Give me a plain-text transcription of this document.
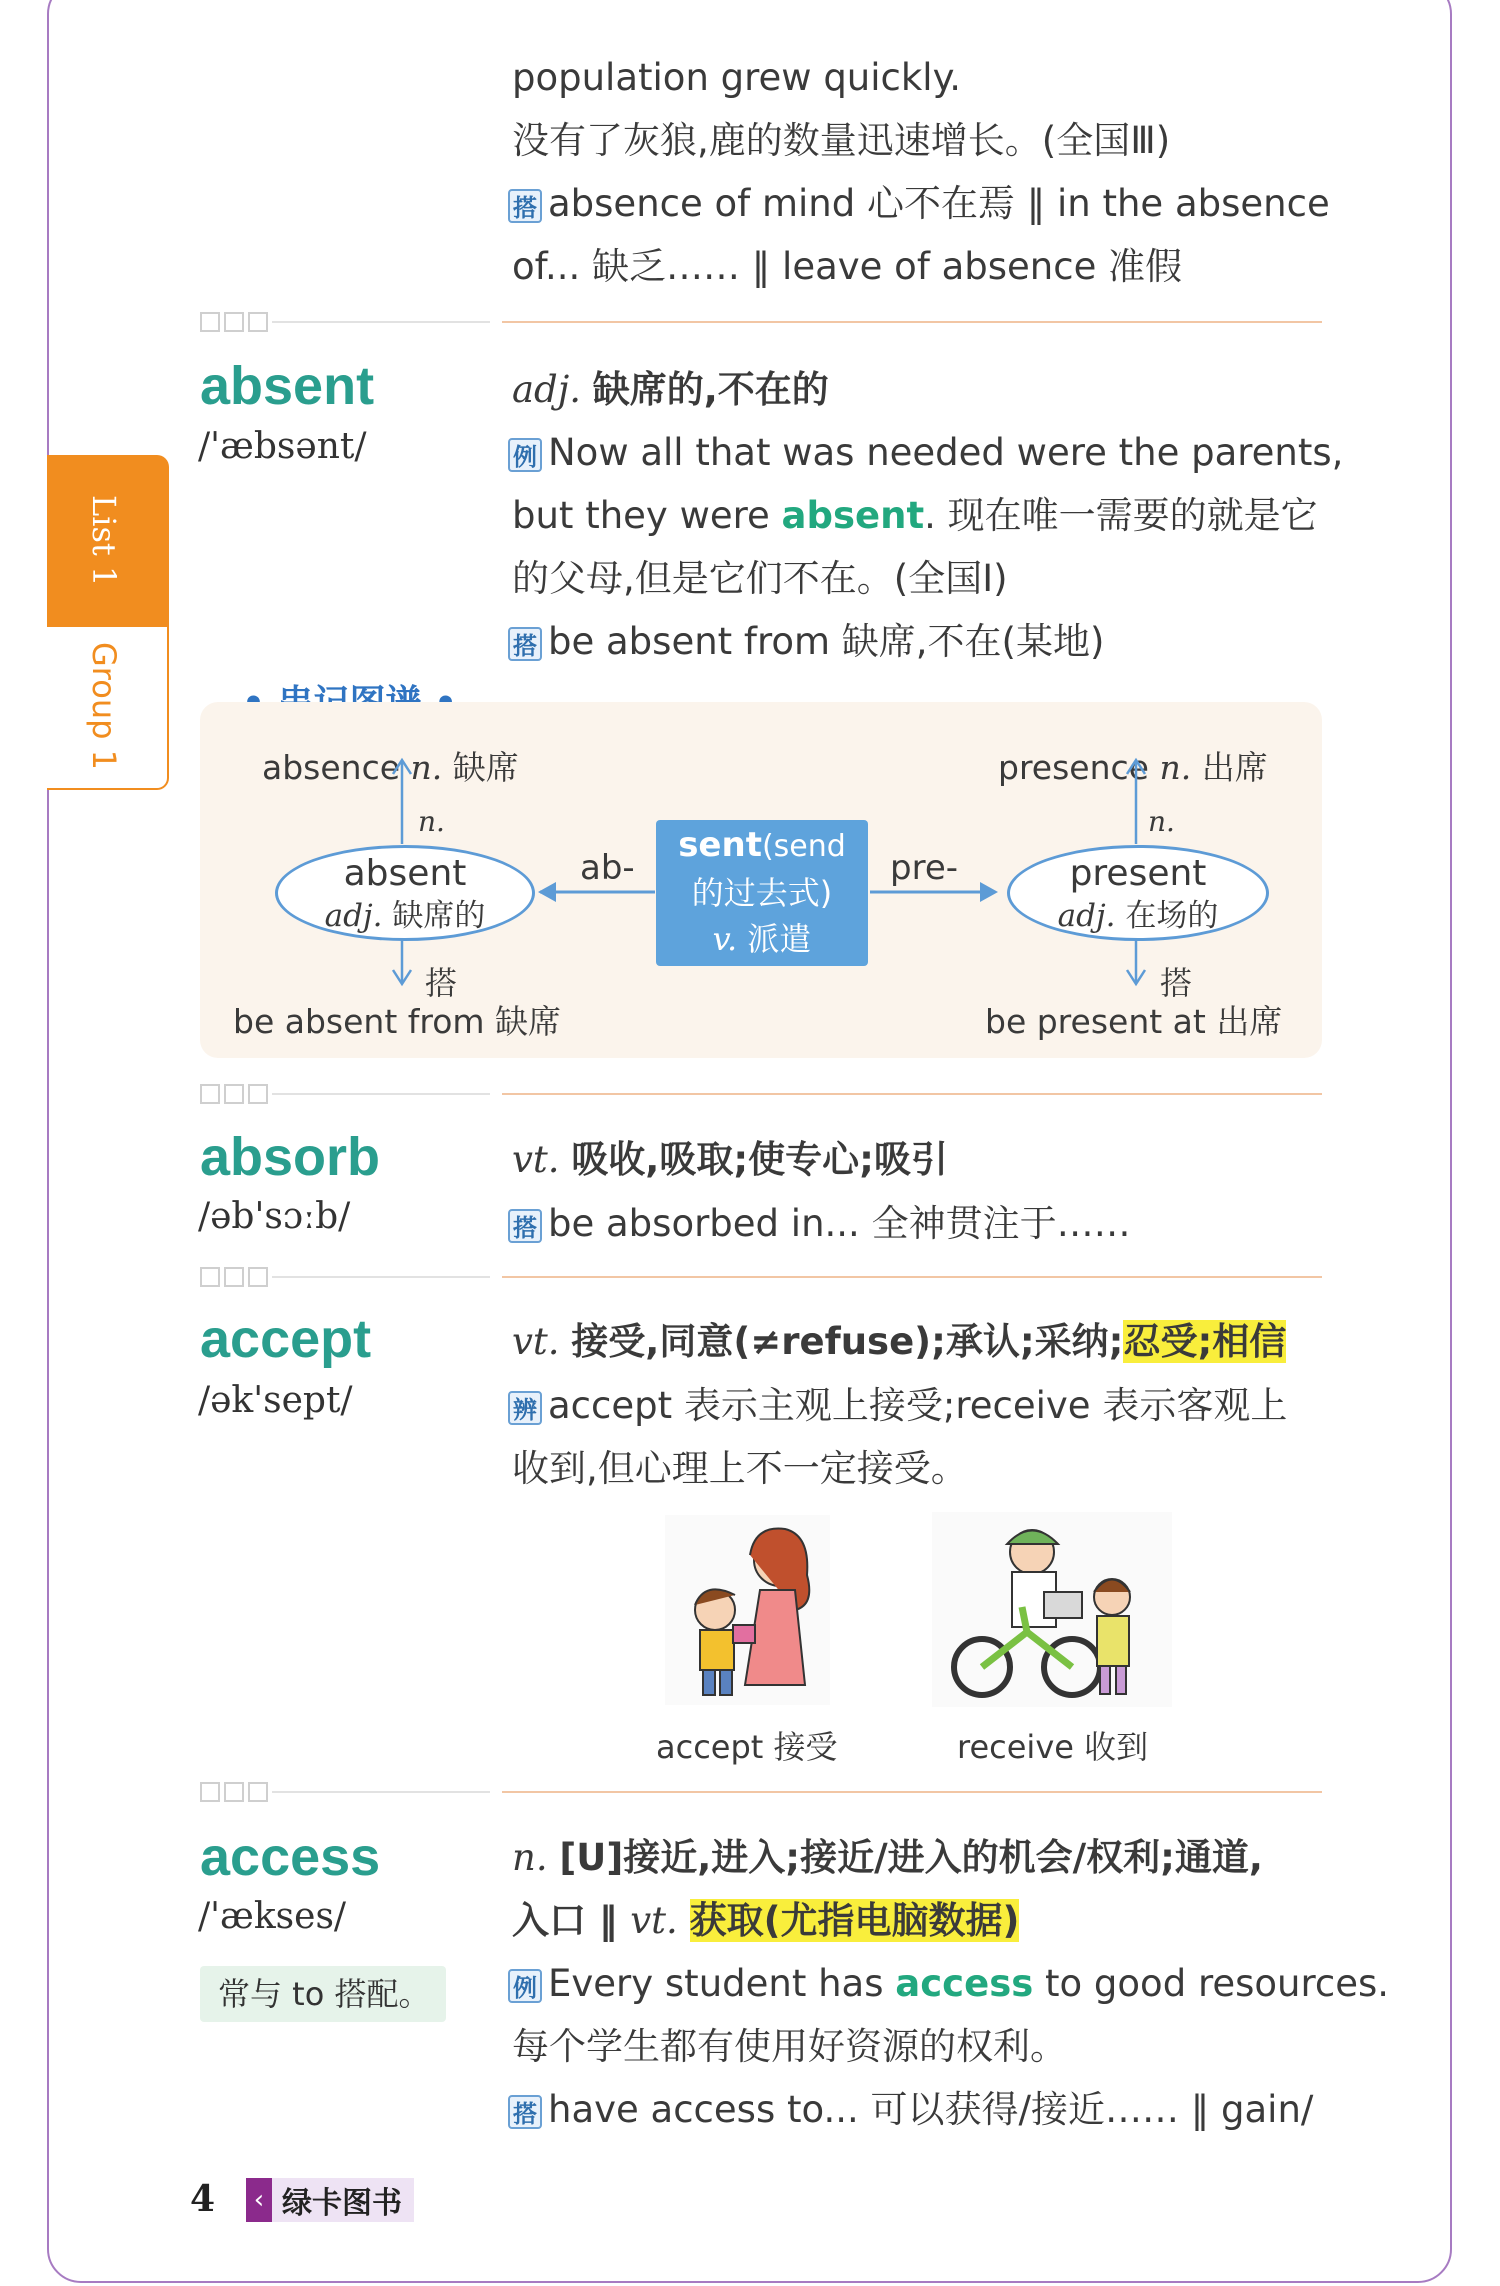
List 1
Group 1
population grew quickly.
没有了灰狼,鹿的数量迅速增长。(全国Ⅲ)
搭 absence of mind 心不在焉 ‖ in the absence
of... 缺乏…… ‖ leave of absence 准假
absent
/'æbsənt/
adj. 缺席的,不在的
例 Now all that was needed were the parents,
but they were absent. 现在唯一需要的就是它
的父母,但是它们不在。(全国Ⅰ)
搭 be absent from 缺席,不在(某地)
absence n. 缺席	presence n. 出席
n.	n.
absent
adj. 缺席的
present
adj. 在场的
ab-	pre-
sent(send
的过去式)
v. 派遣
搭	搭
be absent from 缺席	be present at 出席
absorb
/əb'sɔːb/
vt. 吸收,吸取;使专心;吸引
搭 be absorbed in... 全神贯注于……
accept
/ək'sept/
vt. 接受,同意(≠refuse);承认;采纳;忍受;相信
辨 accept 表示主观上接受;receive 表示客观上
收到,但心理上不一定接受。
accept 接受	receive 收到
access
/'ækses/
常与 to 搭配。
n. [U]接近,进入;接近/进入的机会/权利;通道,
入口 ‖ vt. 获取(尤指电脑数据)
例 Every student has access to good resources.
每个学生都有使用好资源的权利。
搭 have access to... 可以获得/接近…… ‖ gain/
4 ‹ 绿卡图书
